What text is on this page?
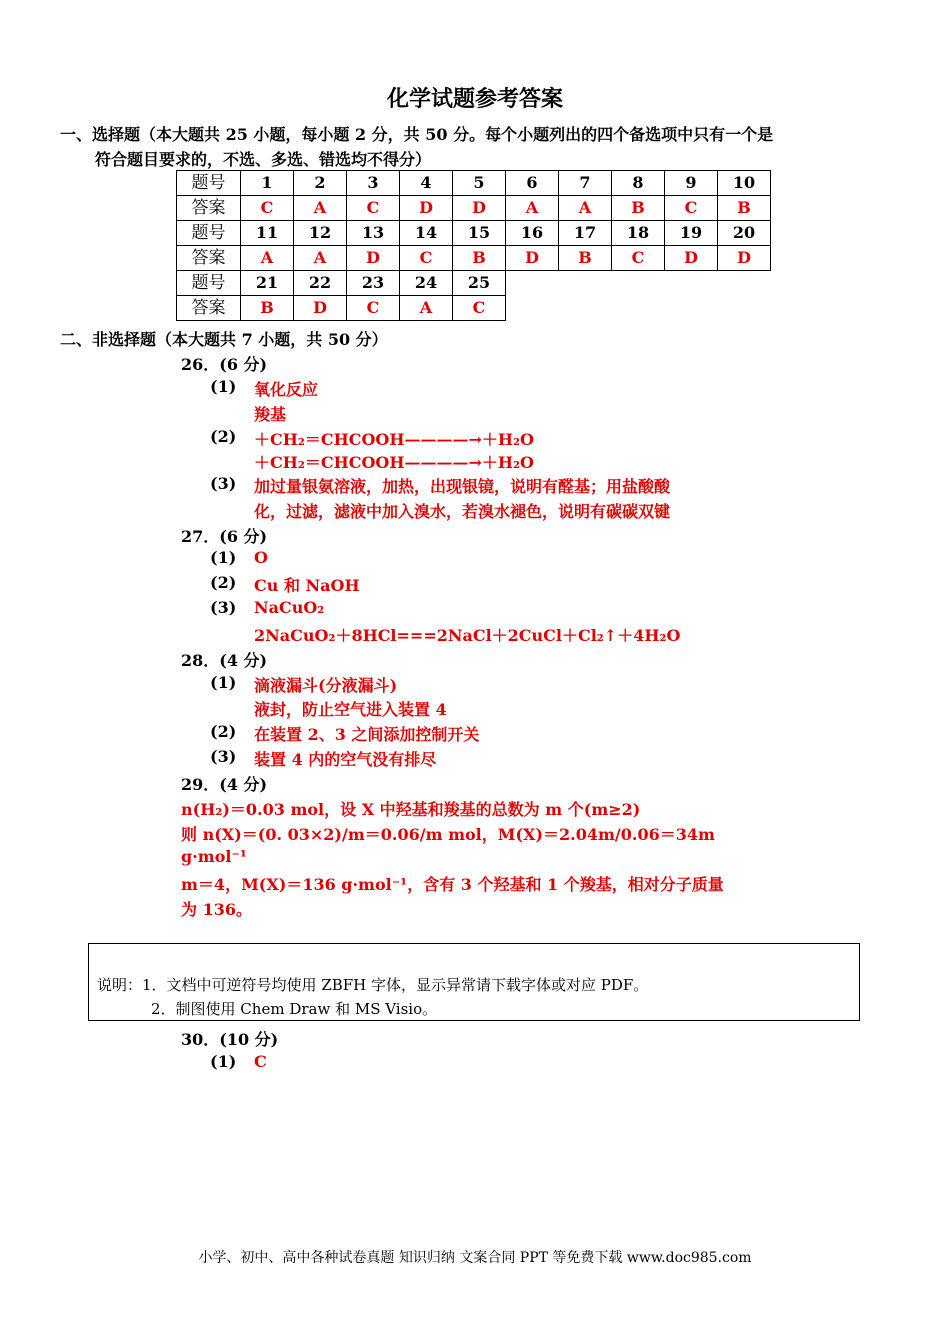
化学试题参考答案
一、选择题（本大题共 25 小题，每小题 2 分，共 50 分。每个小题列出的四个备选项中只有一个是
符合题目要求的，不选、多选、错选均不得分）
题号	1	2	3	4	5	6	7	8	9	10
答案	C	A	C	D	D	A	A	B	C	B
题号	11	12	13	14	15	16	17	18	19	20
答案	A	A	D	C	B	D	B	C	D	D
题号	21	22	23	24	25					
答案	B	D	C	A	C					
二、非选择题（本大题共 7 小题，共 50 分）
26．(6 分)
(1) 氧化反应
羧基
(2) ＋CH₂＝CHCOOH————→＋H₂O
＋CH₂＝CHCOOH————→＋H₂O
(3) 加过量银氨溶液，加热，出现银镜，说明有醛基；用盐酸酸
化，过滤，滤液中加入溴水，若溴水褪色，说明有碳碳双键
27．(6 分)
(1) O
(2) Cu 和 NaOH
(3) NaCuO₂
2NaCuO₂＋8HCl===2NaCl＋2CuCl＋Cl₂↑＋4H₂O
28．(4 分)
(1) 滴液漏斗(分液漏斗)
液封，防止空气进入装置 4
(2) 在装置 2、3 之间添加控制开关
(3) 装置 4 内的空气没有排尽
29．(4 分)
n(H₂)＝0.03 mol，设 X 中羟基和羧基的总数为 m 个(m≥2)
则 n(X)＝(0. 03×2)/m＝0.06/m mol，M(X)＝2.04m/0.06＝34m
g·mol⁻¹
m＝4，M(X)＝136 g·mol⁻¹，含有 3 个羟基和 1 个羧基，相对分子质量
为 136。
说明：1．文档中可逆符号均使用 ZBFH 字体，显示异常请下载字体或对应 PDF。
2．制图使用 Chem Draw 和 MS Visio。
30．(10 分)
(1) C
小学、初中、高中各种试卷真题 知识归纳 文案合同 PPT 等免费下载 www.doc985.com
